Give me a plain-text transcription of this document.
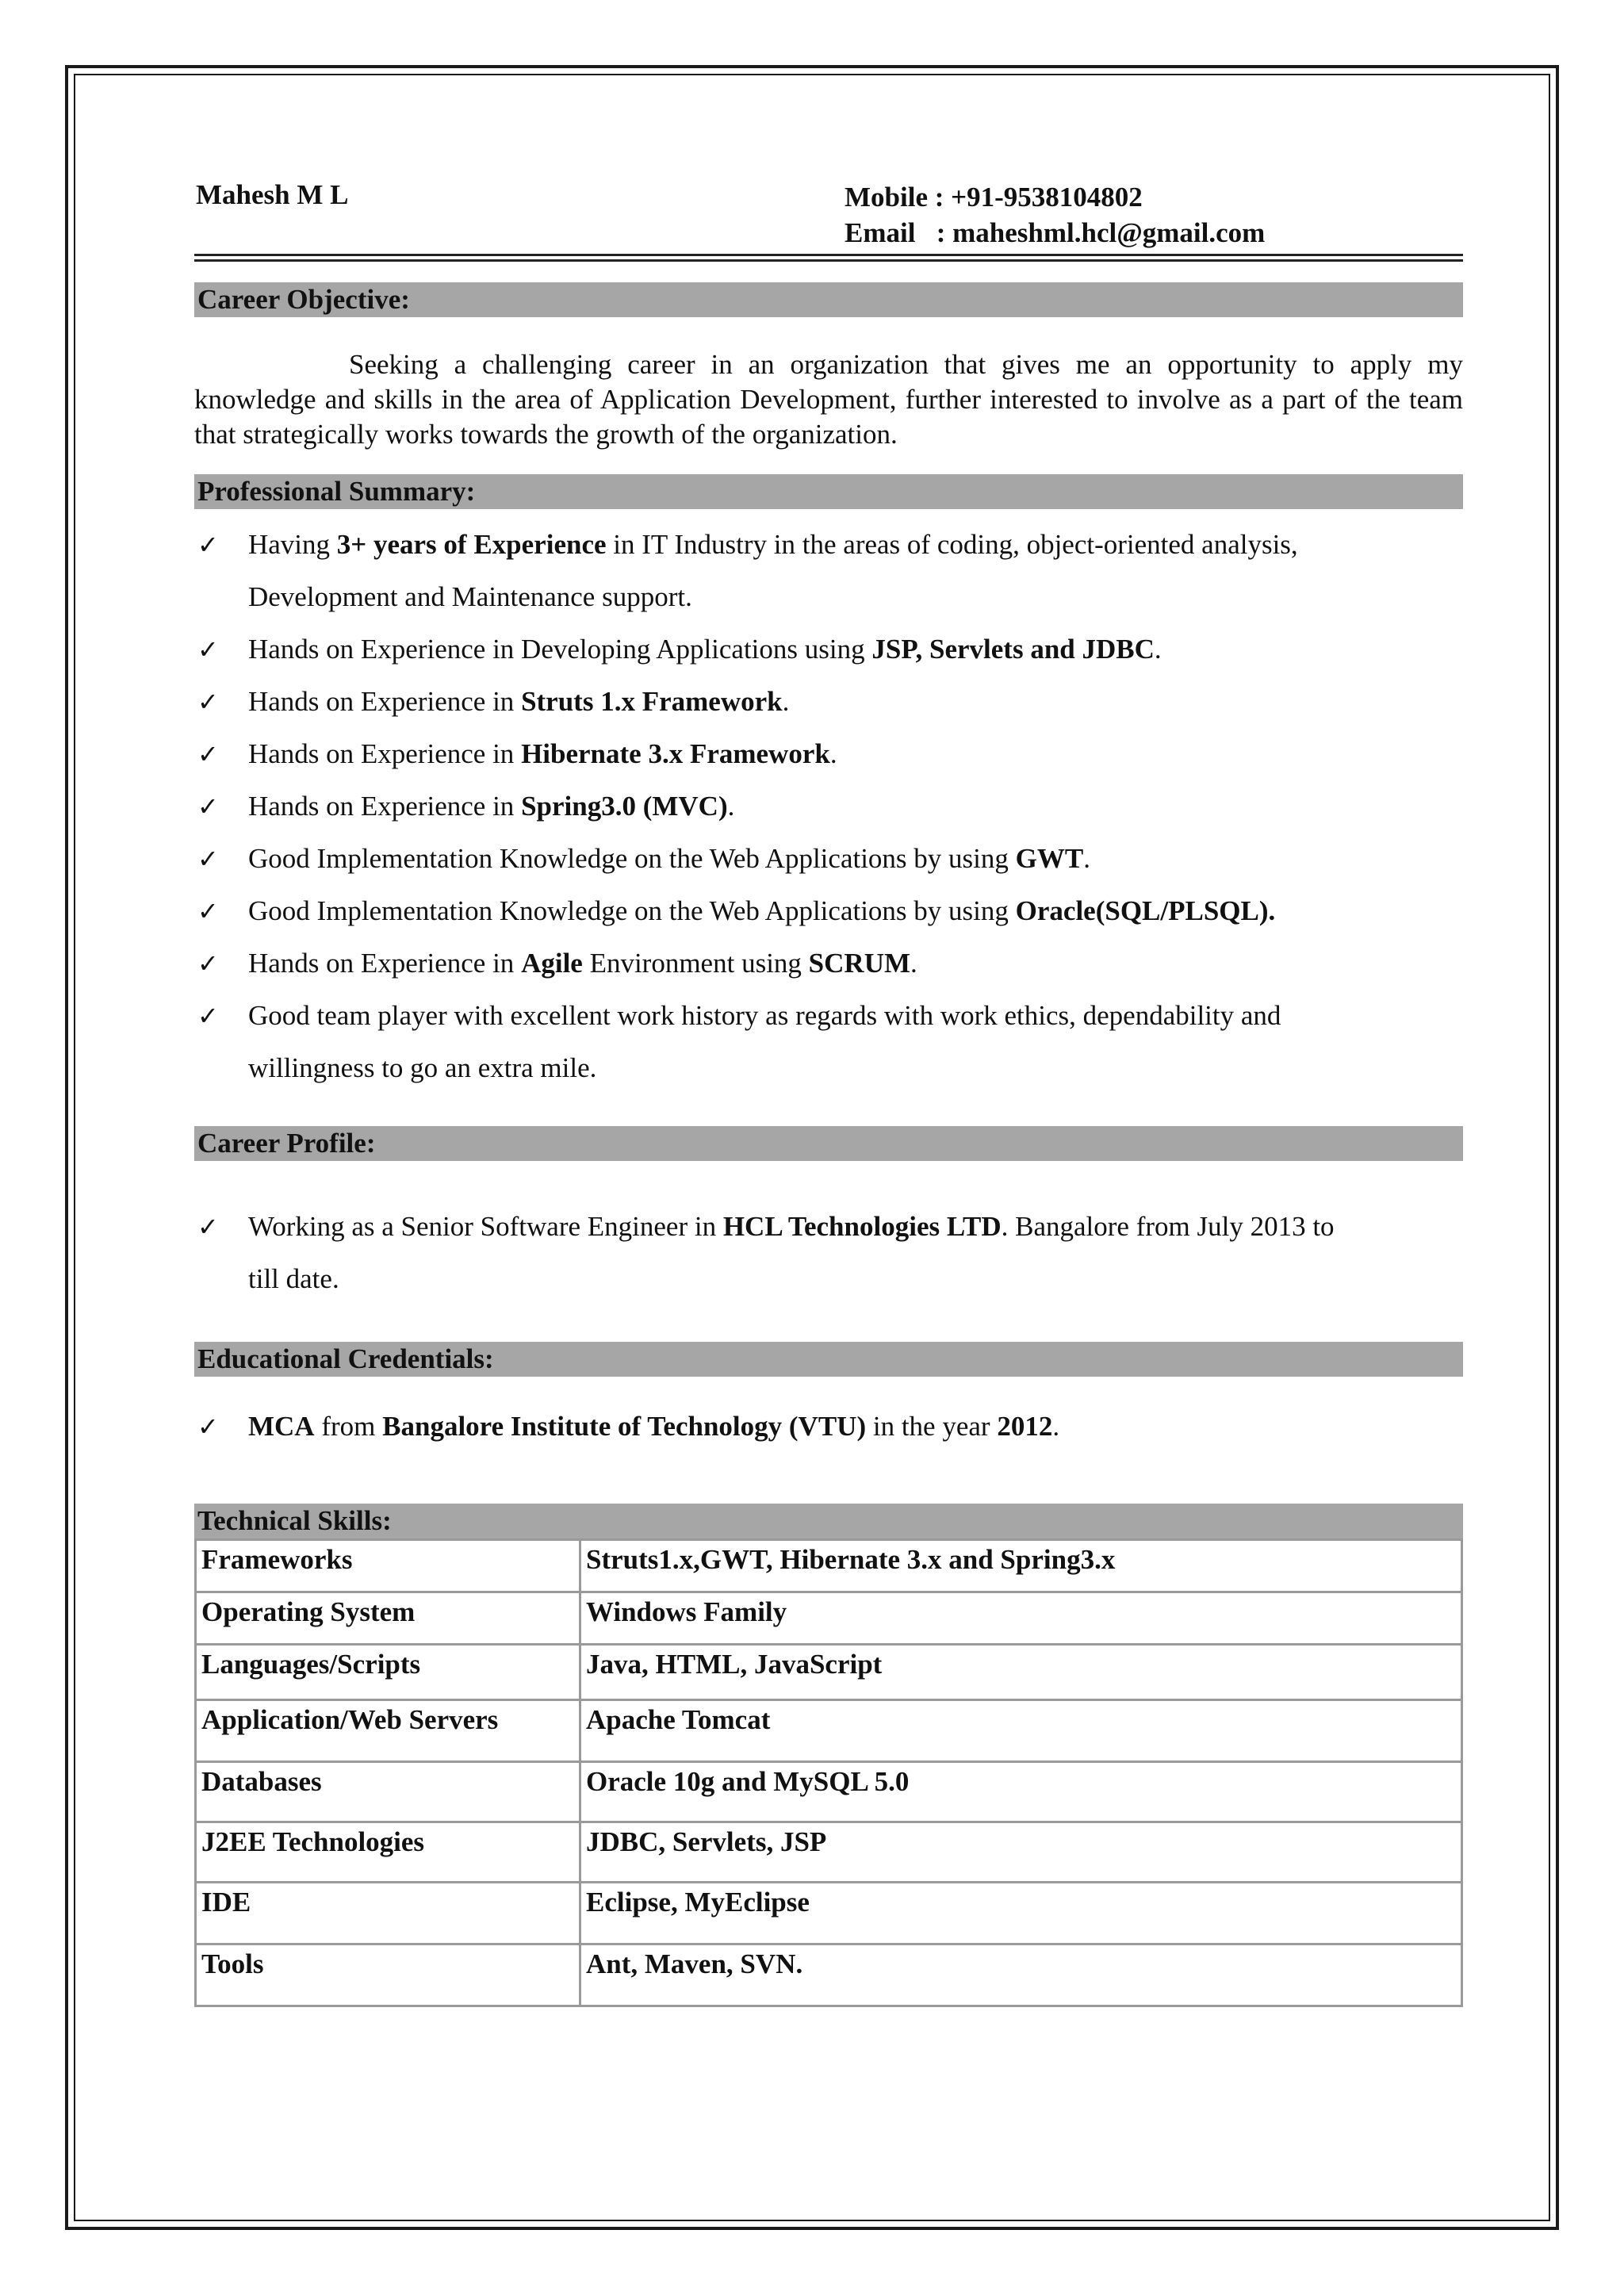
Mahesh M L	Mobile : +91-9538104802
Email   : maheshml.hcl@gmail.com
Career Objective:
Seeking a challenging career in an organization that gives me an opportunity to apply my knowledge and skills in the area of Application Development, further interested to involve as a part of the team that strategically works towards the growth of the organization.
Professional Summary:
✓ Having 3+ years of Experience in IT Industry in the areas of coding, object-oriented analysis,
Development and Maintenance support.
✓ Hands on Experience in Developing Applications using JSP, Servlets and JDBC.
✓ Hands on Experience in Struts 1.x Framework.
✓ Hands on Experience in Hibernate 3.x Framework.
✓ Hands on Experience in Spring3.0 (MVC).
✓ Good Implementation Knowledge on the Web Applications by using GWT.
✓ Good Implementation Knowledge on the Web Applications by using Oracle(SQL/PLSQL).
✓ Hands on Experience in Agile Environment using SCRUM.
✓ Good team player with excellent work history as regards with work ethics, dependability and
willingness to go an extra mile.
Career Profile:
✓ Working as a Senior Software Engineer in HCL Technologies LTD. Bangalore from July 2013 to
till date.
Educational Credentials:
✓ MCA from Bangalore Institute of Technology (VTU) in the year 2012.
Technical Skills:
Frameworks	Struts1.x,GWT, Hibernate 3.x and Spring3.x
Operating System	Windows Family
Languages/Scripts	Java, HTML, JavaScript
Application/Web Servers	Apache Tomcat
Databases	Oracle 10g and MySQL 5.0
J2EE Technologies	JDBC, Servlets, JSP
IDE	Eclipse, MyEclipse
Tools	Ant, Maven, SVN.
